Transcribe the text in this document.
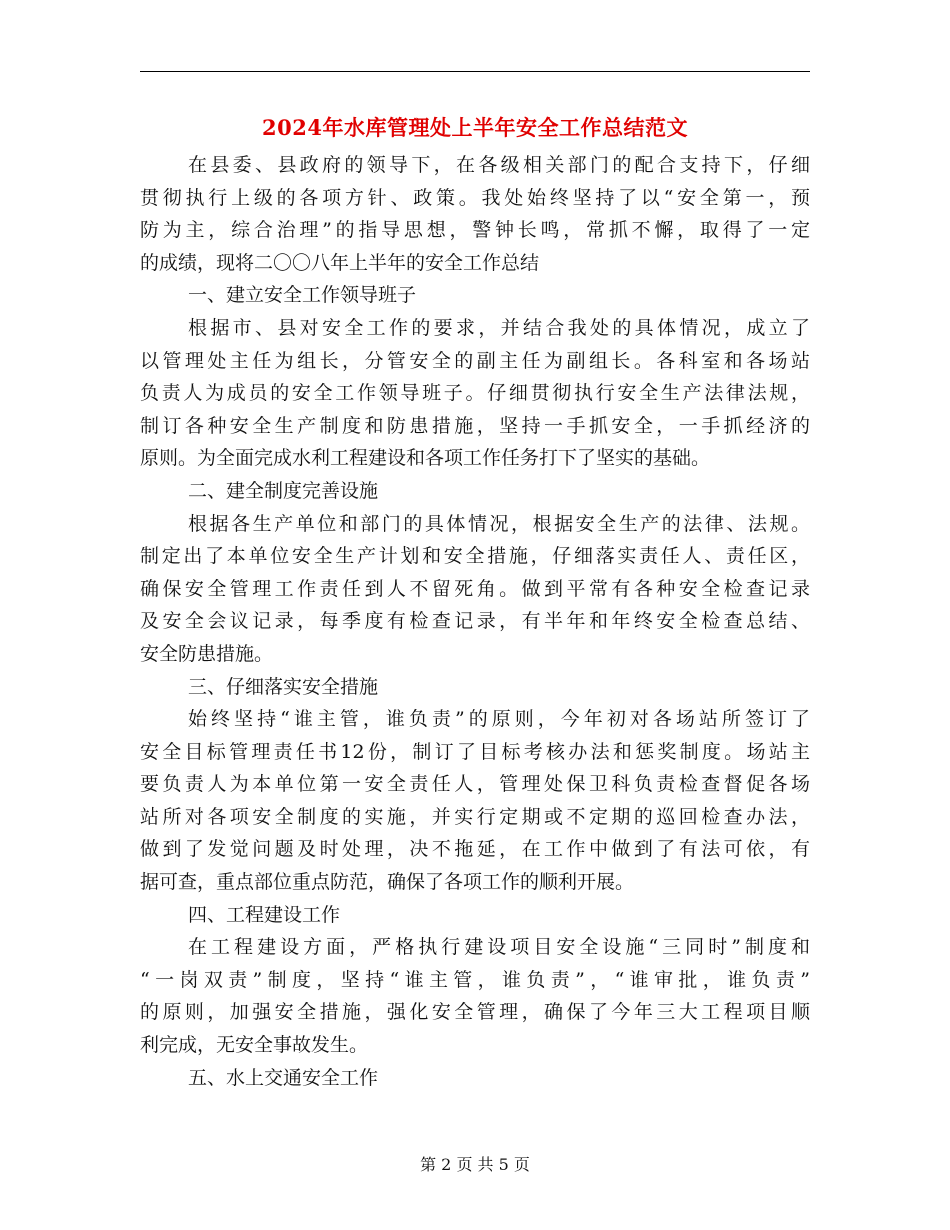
2024年水库管理处上半年安全工作总结范文
在县委、县政府的领导下，在各级相关部门的配合支持下，仔细
贯彻执行上级的各项方针、政策。我处始终坚持了以“安全第一，预
防为主，综合治理”的指导思想，警钟长鸣，常抓不懈，取得了一定
的成绩，现将二〇〇八年上半年的安全工作总结
一、建立安全工作领导班子
根据市、县对安全工作的要求，并结合我处的具体情况，成立了
以管理处主任为组长，分管安全的副主任为副组长。各科室和各场站
负责人为成员的安全工作领导班子。仔细贯彻执行安全生产法律法规，
制订各种安全生产制度和防患措施，坚持一手抓安全，一手抓经济的
原则。为全面完成水利工程建设和各项工作任务打下了坚实的基础。
二、建全制度完善设施
根据各生产单位和部门的具体情况，根据安全生产的法律、法规。
制定出了本单位安全生产计划和安全措施，仔细落实责任人、责任区，
确保安全管理工作责任到人不留死角。做到平常有各种安全检查记录
及安全会议记录，每季度有检查记录，有半年和年终安全检查总结、
安全防患措施。
三、仔细落实安全措施
始终坚持“谁主管，谁负责”的原则，今年初对各场站所签订了
安全目标管理责任书12份，制订了目标考核办法和惩奖制度。场站主
要负责人为本单位第一安全责任人，管理处保卫科负责检查督促各场
站所对各项安全制度的实施，并实行定期或不定期的巡回检查办法，
做到了发觉问题及时处理，决不拖延，在工作中做到了有法可依，有
据可查，重点部位重点防范，确保了各项工作的顺利开展。
四、工程建设工作
在工程建设方面，严格执行建设项目安全设施“三同时”制度和
“一岗双责”制度，坚持“谁主管，谁负责”，“谁审批，谁负责”
的原则，加强安全措施，强化安全管理，确保了今年三大工程项目顺
利完成，无安全事故发生。
五、水上交通安全工作
第 2 页 共 5 页
